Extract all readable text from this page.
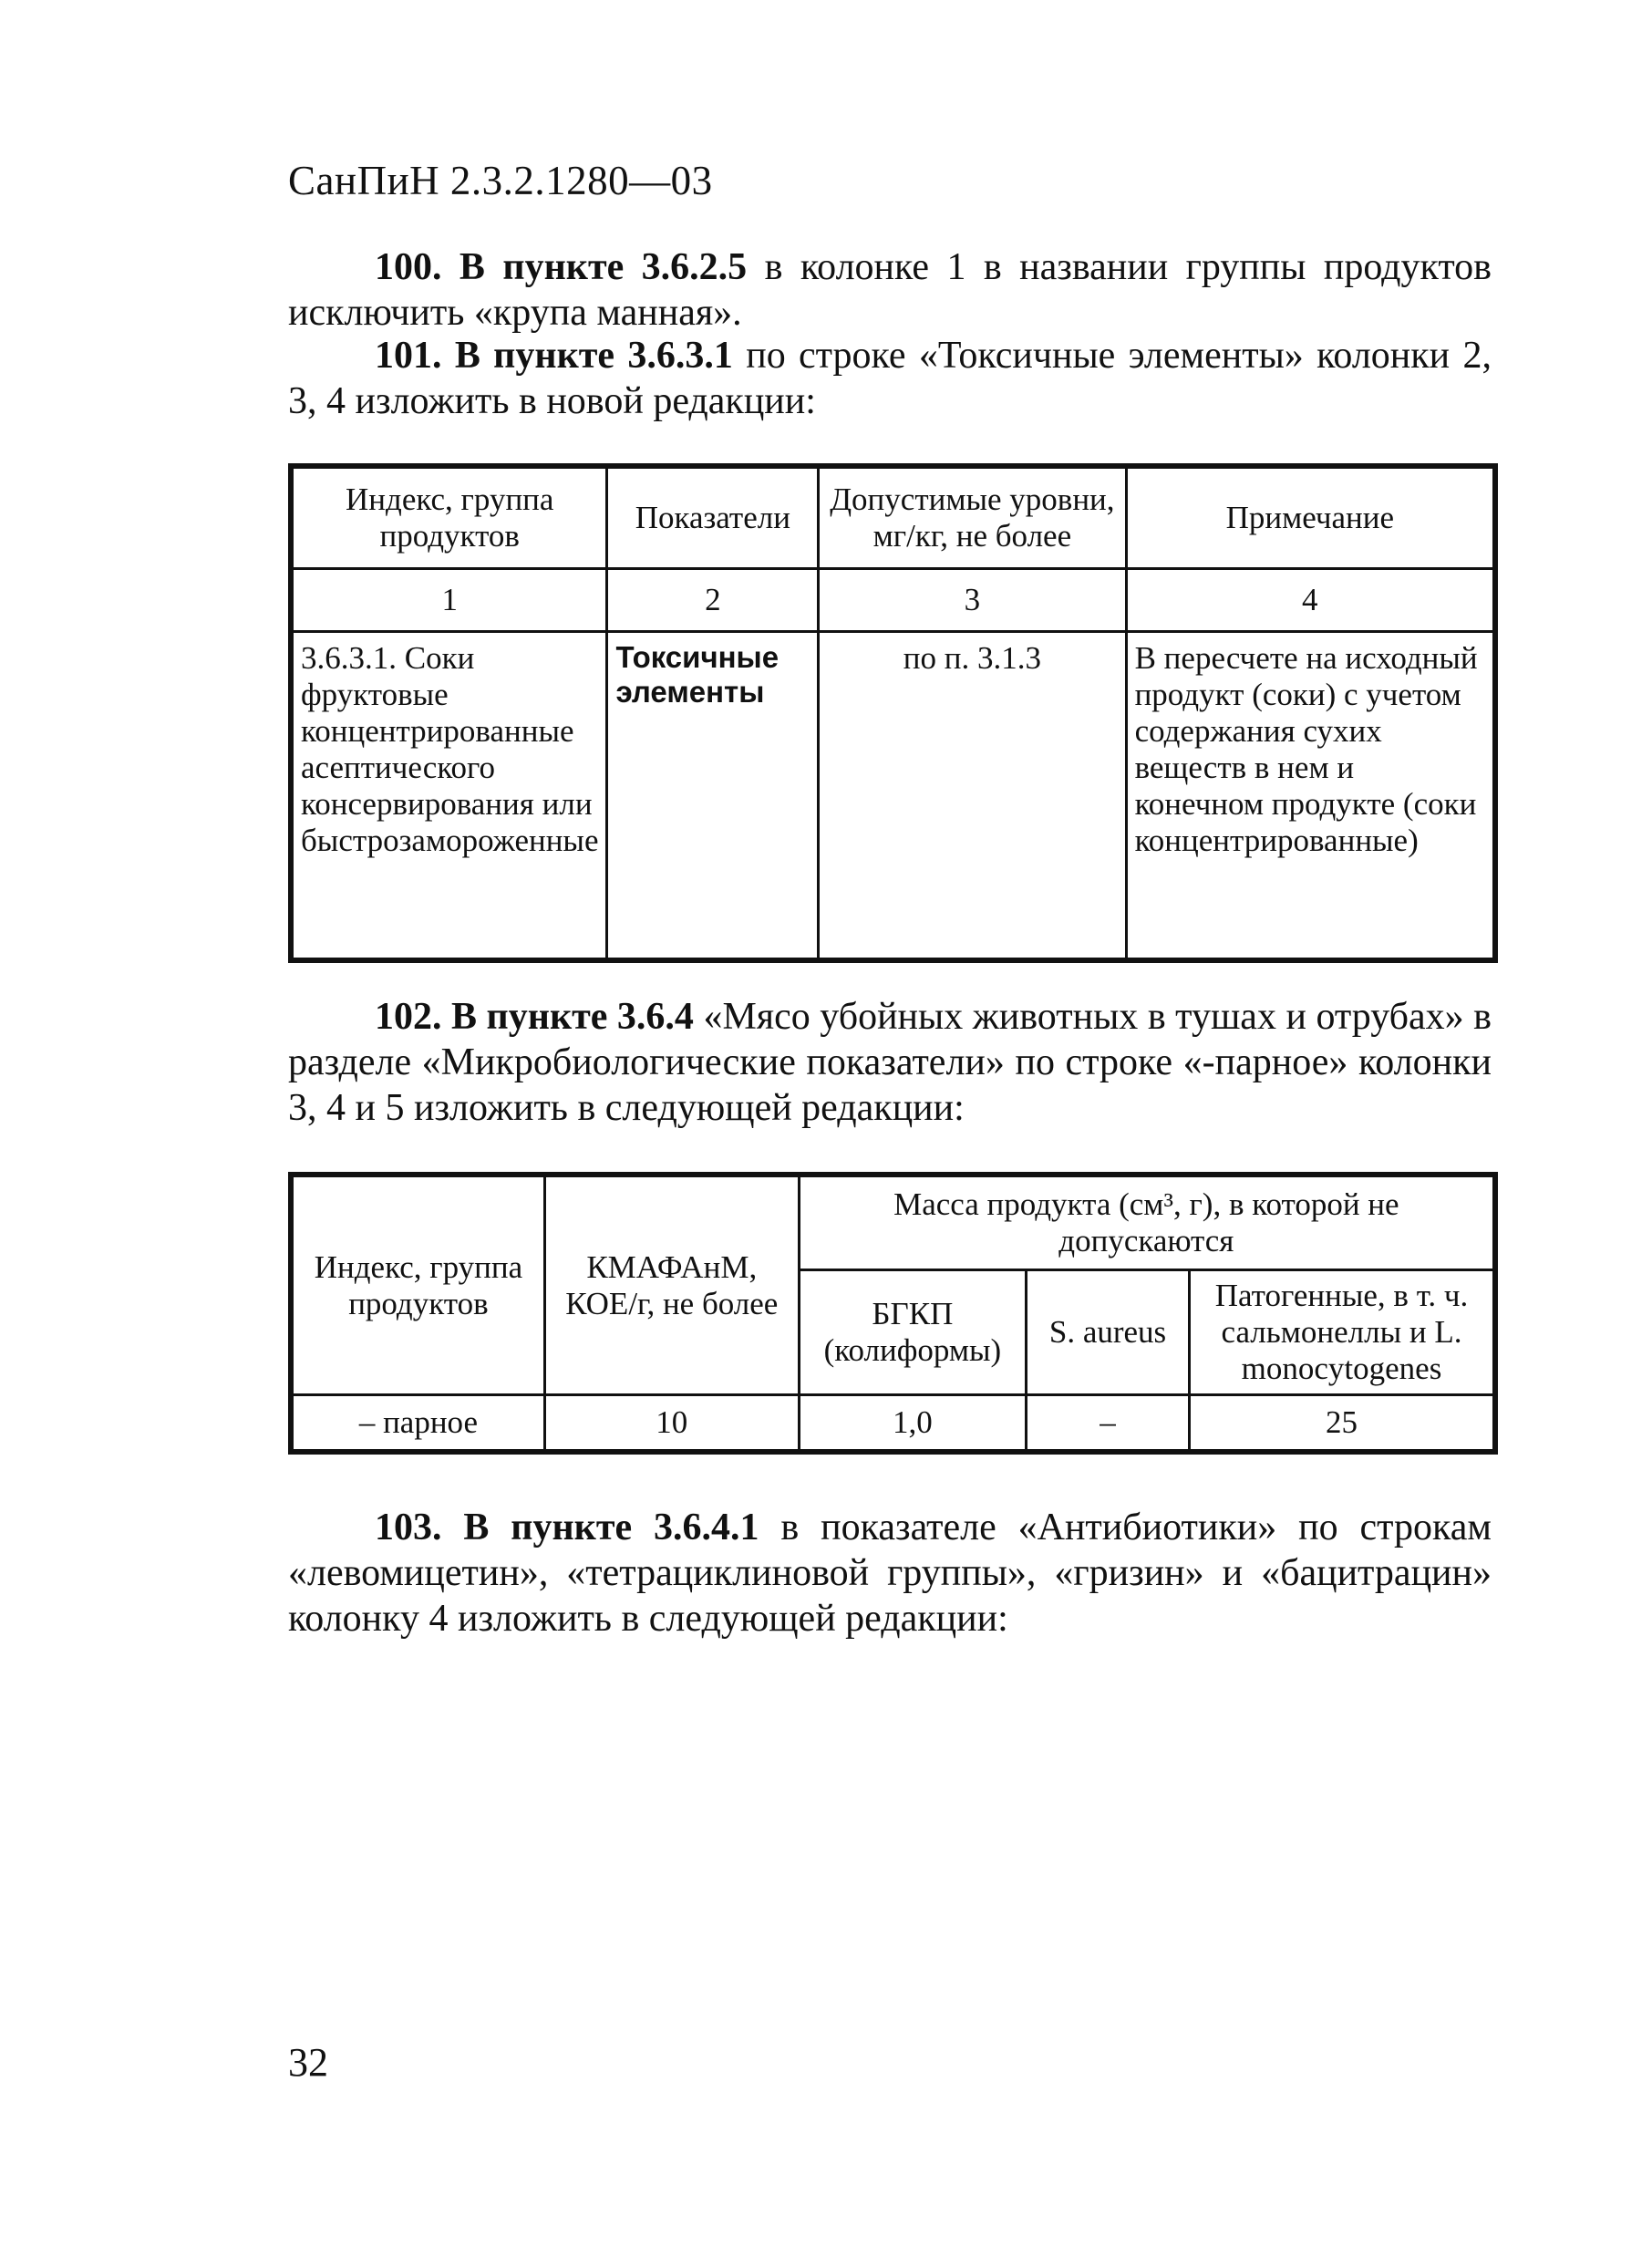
СанПиН 2.3.2.1280—03
100. В пункте 3.6.2.5 в колонке 1 в названии группы продуктов исключить «крупа манная».
101. В пункте 3.6.3.1 по строке «Токсичные элементы» колонки 2, 3, 4 изложить в новой редакции:
Индекс, группа продуктов	Показатели	Допустимые уровни, мг/кг, не более	Примечание
1	2	3	4
3.6.3.1. Соки фруктовые концентрированные асептического консервирования или быстрозамороженные	Токсичные элементы	по п. 3.1.3	В пересчете на исходный продукт (соки) с учетом содержания сухих веществ в нем и конечном продукте (соки концентрированные)
102. В пункте 3.6.4 «Мясо убойных животных в тушах и отрубах» в разделе «Микробиологические показатели» по строке «-парное» колонки 3, 4 и 5 изложить в следующей редакции:
Индекс, группа продуктов	КМАФАнМ, КОЕ/г, не более	Масса продукта (см³, г), в которой не допускаются		
		БГКП (колиформы)	S. aureus	Патогенные, в т. ч. сальмонеллы и L. monocytogenes
– парное	10	1,0	–	25
103. В пункте 3.6.4.1 в показателе «Антибиотики» по строкам «левомицетин», «тетрациклиновой группы», «гризин» и «бацитрацин» колонку 4 изложить в следующей редакции:
32
